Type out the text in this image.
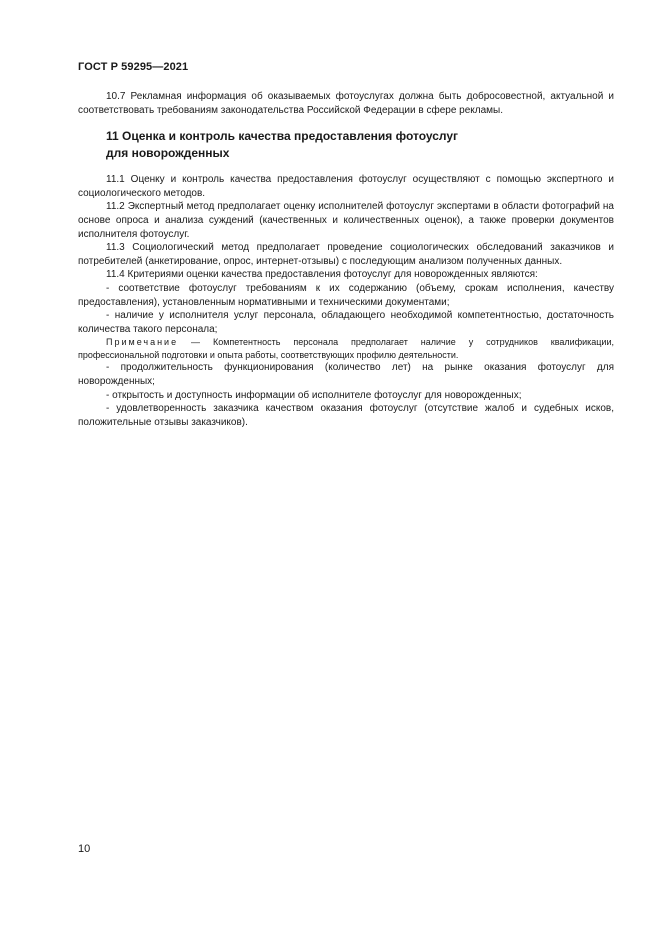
ГОСТ Р 59295—2021

10.7 Рекламная информация об оказываемых фотоуслугах должна быть добросовестной, актуальной и соответствовать требованиям законодательства Российской Федерации в сфере рекламы.

11 Оценка и контроль качества предоставления фотоуслуг
для новорожденных

11.1 Оценку и контроль качества предоставления фотоуслуг осуществляют с помощью экспертного и социологического методов.

11.2 Экспертный метод предполагает оценку исполнителей фотоуслуг экспертами в области фотографий на основе опроса и анализа суждений (качественных и количественных оценок), а также проверки документов исполнителя фотоуслуг.

11.3 Социологический метод предполагает проведение социологических обследований заказчиков и потребителей (анкетирование, опрос, интернет-отзывы) с последующим анализом полученных данных.

11.4 Критериями оценки качества предоставления фотоуслуг для новорожденных являются:

- соответствие фотоуслуг требованиям к их содержанию (объему, срокам исполнения, качеству предоставления), установленным нормативными и техническими документами;

- наличие у исполнителя услуг персонала, обладающего необходимой компетентностью, достаточность количества такого персонала;

Примечание — Компетентность персонала предполагает наличие у сотрудников квалификации, профессиональной подготовки и опыта работы, соответствующих профилю деятельности.

- продолжительность функционирования (количество лет) на рынке оказания фотоуслуг для новорожденных;

- открытость и доступность информации об исполнителе фотоуслуг для новорожденных;

- удовлетворенность заказчика качеством оказания фотоуслуг (отсутствие жалоб и судебных исков, положительные отзывы заказчиков).

10
